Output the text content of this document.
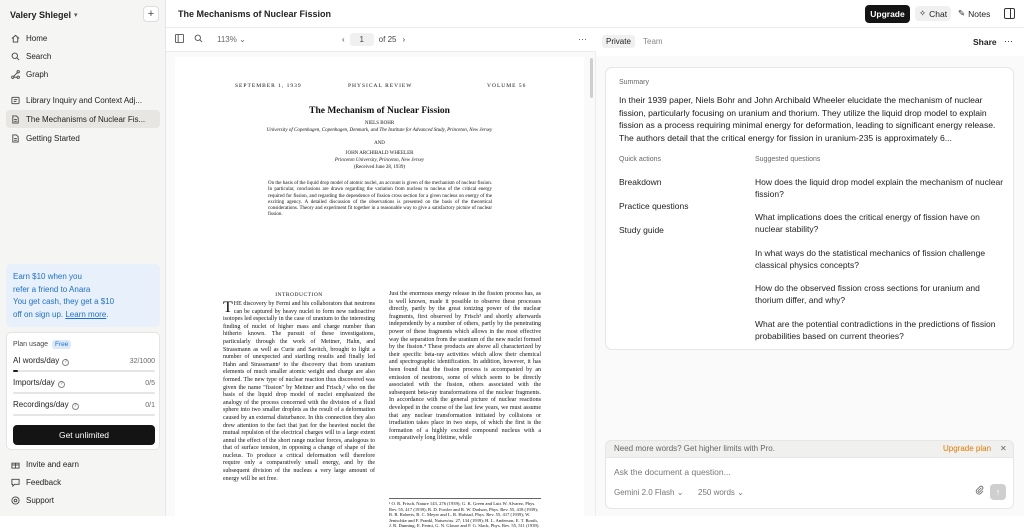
Valery Shlegel ▾	+
Home
Search
Graph
Library Inquiry and Context Adj...
The Mechanisms of Nuclear Fis...
Getting Started
Earn $10 when you
refer a friend to Anara
You get cash, they get a $10
off on sign up. Learn more.
Plan usage	Free
AI words/day ?	32/1000
Imports/day ?	0/5
Recordings/day ?	0/1
Get unlimited
Invite and earn
Feedback
Support
The Mechanisms of Nuclear Fission	Upgrade	✧ Chat ✎ Notes
113% ⌄	‹	1	of 25 ›	···
SEPTEMBER 1, 1939	PHYSICAL REVIEW	VOLUME 56
The Mechanism of Nuclear Fission
NIELS BOHR
University of Copenhagen, Copenhagen, Denmark, and The Institute for Advanced Study, Princeton, New Jersey
AND
JOHN ARCHIBALD WHEELER
Princeton University, Princeton, New Jersey
(Received June 28, 1939)
On the basis of the liquid drop model of atomic nuclei, an account is given of the mechanism of nuclear fission. In particular, conclusions are drawn regarding the variation from nucleus to nucleus of the critical energy required for fission, and regarding the dependence of fission cross section for a given nucleus on energy of the exciting agency. A detailed discussion of the observations is presented on the basis of the theoretical considerations. Theory and experiment fit together in a reasonable way to give a satisfactory picture of nuclear fission.
INTRODUCTION
THE discovery by Fermi and his collaborators that neutrons can be captured by heavy nuclei to form new radioactive isotopes led especially in the case of uranium to the interesting finding of nuclei of higher mass and charge number than hitherto known. The pursuit of these investigations, particularly through the work of Meitner, Hahn, and Strassmann as well as Curie and Savitch, brought to light a number of unexpected and startling results and finally led Hahn and Strassmann¹ to the discovery that from uranium elements of much smaller atomic weight and charge are also formed. The new type of nuclear reaction thus discovered was given the name "fission" by Meitner and Frisch,² who on the basis of the liquid drop model of nuclei emphasized the analogy of the process concerned with the division of a fluid sphere into two smaller droplets as the result of a deformation caused by an external disturbance. In this connection they also drew attention to the fact that just for the heaviest nuclei the mutual repulsion of the electrical charges will to a large extent annul the effect of the short range nuclear forces, analogous to that of surface tension, in opposing a change of shape of the nucleus. To produce a critical deformation will therefore require only a comparatively small energy, and by the subsequent division of the nucleus a very large amount of energy will be set free.
Just the enormous energy release in the fission process has, as is well known, made it possible to observe these processes directly, partly by the great ionizing power of the nuclear fragments, first observed by Frisch³ and shortly afterwards independently by a number of others, partly by the penetrating power of these fragments which allows in the most effective way the separation from the uranium of the new nuclei formed by the fission.⁴ These products are above all characterized by their specific beta-ray activities which allow their chemical and spectrographic identification. In addition, however, it has been found that the fission process is accompanied by an emission of neutrons, some of which seem to be directly associated with the fission, others associated with the subsequent beta-ray transformations of the nuclear fragments. In accordance with the general picture of nuclear reactions developed in the course of the last few years, we must assume that any nuclear transformation initiated by collisions or irradiation takes place in two steps, of which the first is the formation of a highly excited compound nucleus with a comparatively long lifetime, while
¹ O. R. Frisch, Nature 143, 276 (1939); G. K. Green and Luis W. Alvarez, Phys. Rev. 55, 417 (1939); R. D. Fowler and R. W. Dodson, Phys. Rev. 55, 418 (1939); R. B. Roberts, R. C. Meyer and L. R. Hafstad, Phys. Rev. 55, 417 (1939); W. Jentschke and F. Prankl, Naturwiss. 27, 134 (1939); H. L. Anderson, E. T. Booth, J. R. Dunning, E. Fermi, G. N. Glasoe and F. G. Slack, Phys. Rev. 55, 511 (1939).
Private	Team	Share ···
Summary
In their 1939 paper, Niels Bohr and John Archibald Wheeler elucidate the mechanism of nuclear fission, particularly focusing on uranium and thorium. They utilize the liquid drop model to explain fission as a process requiring minimal energy for deformation, leading to significant energy release. The authors detail that the critical energy for fission in uranium-235 is approximately 6...
Quick actions	Suggested questions
Breakdown
Practice questions
Study guide
How does the liquid drop model explain the mechanism of nuclear fission?
What implications does the critical energy of fission have on nuclear stability?
In what ways do the statistical mechanics of fission challenge classical physics concepts?
How do the observed fission cross sections for uranium and thorium differ, and why?
What are the potential contradictions in the predictions of fission probabilities based on current theories?
Need more words? Get higher limits with Pro.	Upgrade plan ✕
Ask the document a question...
Gemini 2.0 Flash ⌄ 250 words ⌄	↑
